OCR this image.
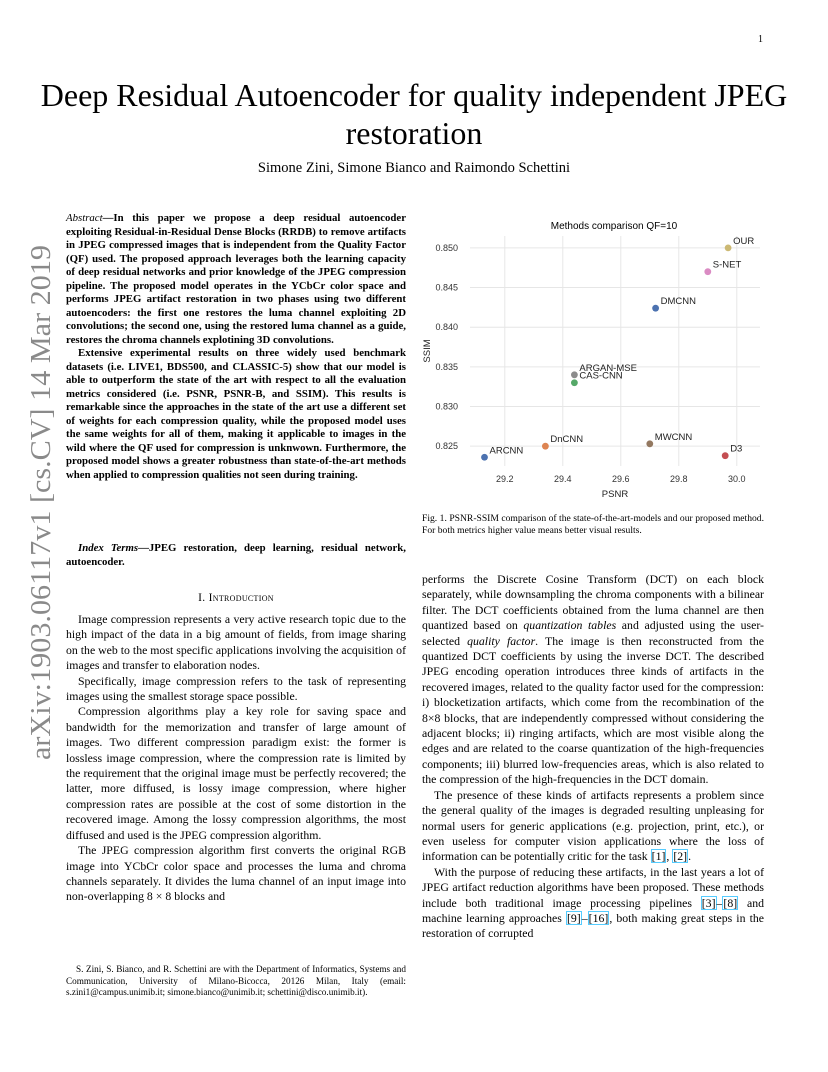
1
arXiv:1903.06117v1 [cs.CV] 14 Mar 2019
Deep Residual Autoencoder for quality independent JPEG restoration
Simone Zini, Simone Bianco and Raimondo Schettini

Abstract—In this paper we propose a deep residual autoencoder exploiting Residual-in-Residual Dense Blocks (RRDB) to remove artifacts in JPEG compressed images that is independent from the Quality Factor (QF) used. The proposed approach leverages both the learning capacity of deep residual networks and prior knowledge of the JPEG compression pipeline. The proposed model operates in the YCbCr color space and performs JPEG artifact restoration in two phases using two different autoencoders: the first one restores the luma channel exploiting 2D convolutions; the second one, using the restored luma channel as a guide, restores the chroma channels explotining 3D convolutions.

Extensive experimental results on three widely used benchmark datasets (i.e. LIVE1, BDS500, and CLASSIC-5) show that our model is able to outperform the state of the art with respect to all the evaluation metrics considered (i.e. PSNR, PSNR-B, and SSIM). This results is remarkable since the approaches in the state of the art use a different set of weights for each compression quality, while the proposed model uses the same weights for all of them, making it applicable to images in the wild where the QF used for compression is unknwown. Furthermore, the proposed model shows a greater robustness than state-of-the-art methods when applied to compression qualities not seen during training.

Index Terms—JPEG restoration, deep learning, residual network, autoencoder.
I. Introduction

Image compression represents a very active research topic due to the high impact of the data in a big amount of fields, from image sharing on the web to the most specific applications involving the acquisition of images and transfer to elaboration nodes.

Specifically, image compression refers to the task of representing images using the smallest storage space possible.

Compression algorithms play a key role for saving space and bandwidth for the memorization and transfer of large amount of images. Two different compression paradigm exist: the former is lossless image compression, where the compression rate is limited by the requirement that the original image must be perfectly recovered; the latter, more diffused, is lossy image compression, where higher compression rates are possible at the cost of some distortion in the recovered image. Among the lossy compression algorithms, the most diffused and used is the JPEG compression algorithm.

The JPEG compression algorithm first converts the original RGB image into YCbCr color space and processes the luma and chroma channels separately. It divides the luma channel of an input image into non-overlapping 8 × 8 blocks and

S. Zini, S. Bianco, and R. Schettini are with the Department of Informatics, Systems and Communication, University of Milano-Bicocca, 20126 Milan, Italy (email: s.zini1@campus.unimib.it; simone.bianco@unimib.it; schettini@disco.unimib.it).
Methods comparison QF=10
29.2	29.4	29.6	29.8	30.0
0.825
0.830
0.835
0.840
0.845
0.850
ARCNN
DnCNN
ARGAN-MSE
CAS-CNN
DMCNN
MWCNN
S-NET
D3
OUR
PSNR
SSIM
Fig. 1. PSNR-SSIM comparison of the state-of-the-art-models and our proposed method. For both metrics higher value means better visual results.

performs the Discrete Cosine Transform (DCT) on each block separately, while downsampling the chroma components with a bilinear filter. The DCT coefficients obtained from the luma channel are then quantized based on quantization tables and adjusted using the user-selected quality factor. The image is then reconstructed from the quantized DCT coefficients by using the inverse DCT. The described JPEG encoding operation introduces three kinds of artifacts in the recovered images, related to the quality factor used for the compression: i) blocketization artifacts, which come from the recombination of the 8×8 blocks, that are independently compressed without considering the adjacent blocks; ii) ringing artifacts, which are most visible along the edges and are related to the coarse quantization of the high-frequencies components; iii) blurred low-frequencies areas, which is also related to the compression of the high-frequencies in the DCT domain.

The presence of these kinds of artifacts represents a problem since the general quality of the images is degraded resulting unpleasing for normal users for generic applications (e.g. projection, print, etc.), or even useless for computer vision applications where the loss of information can be potentially critic for the task [1], [2].

With the purpose of reducing these artifacts, in the last years a lot of JPEG artifact reduction algorithms have been proposed. These methods include both traditional image processing pipelines [3]–[8] and machine learning approaches [9]–[16], both making great steps in the restoration of corrupted
